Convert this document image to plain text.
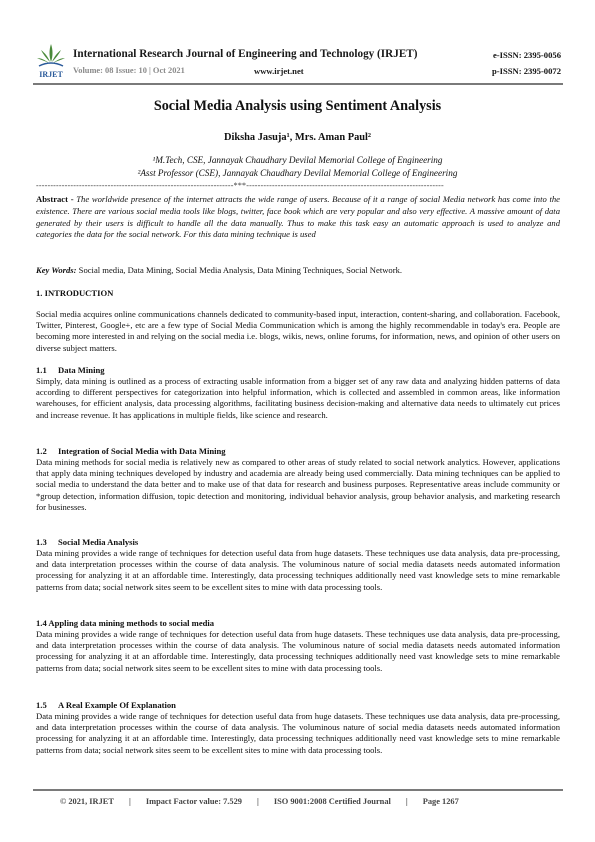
IRJET
International Research Journal of Engineering and Technology (IRJET)
Volume: 08 Issue: 10 | Oct 2021	www.irjet.net
e-ISSN: 2395-0056
p-ISSN: 2395-0072
Social Media Analysis using Sentiment Analysis
Diksha Jasuja¹, Mrs. Aman Paul²
¹M.Tech, CSE, Jannayak Chaudhary Devilal Memorial College of Engineering
²Asst Professor (CSE), Jannayak Chaudhary Devilal Memorial College of Engineering
---------------------------------------------------------------------***---------------------------------------------------------------------
Abstract - The worldwide presence of the internet attracts the wide range of users. Because of it a range of social Media network has come into the existence. There are various social media tools like blogs, twitter, face book which are very popular and also very effective. A massive amount of data generated by their users is difficult to handle all the data manually. Thus to make this task easy an automatic approach is used to analyze and categories the data for the social network. For this data mining technique is used
Key Words: Social media, Data Mining, Social Media Analysis, Data Mining Techniques, Social Network.
1. INTRODUCTION
Social media acquires online communications channels dedicated to community-based input, interaction, content-sharing, and collaboration. Facebook, Twitter, Pinterest, Google+, etc are a few type of Social Media Communication which is among the highly recommendable in today's era. People are becoming more interested in and relying on the social media i.e. blogs, wikis, news, online forums, for information, news, and opinion of other users on diverse subject matters.
1.1 Data Mining
Simply, data mining is outlined as a process of extracting usable information from a bigger set of any raw data and analyzing hidden patterns of data according to different perspectives for categorization into helpful information, which is collected and assembled in common areas, like information warehouses, for efficient analysis, data processing algorithms, facilitating business decision-making and alternative data needs to ultimately cut prices and increase revenue. It has applications in multiple fields, like science and research.
1.2 Integration of Social Media with Data Mining
Data mining methods for social media is relatively new as compared to other areas of study related to social network analytics. However, applications that apply data mining techniques developed by industry and academia are already being used commercially. Data mining techniques can be applied to social media to understand the data better and to make use of that data for research and business purposes. Representative areas include community or *group detection, information diffusion, topic detection and monitoring, individual behavior analysis, group behavior analysis, and marketing research for businesses.
1.3 Social Media Analysis
Data mining provides a wide range of techniques for detection useful data from huge datasets. These techniques use data analysis, data pre-processing, and data interpretation processes within the course of data analysis. The voluminous nature of social media datasets needs automated information processing for analyzing it at an affordable time. Interestingly, data processing techniques additionally need vast knowledge sets to mine remarkable patterns from data; social network sites seem to be excellent sites to mine with data processing tools.
1.4 Appling data mining methods to social media
Data mining provides a wide range of techniques for detection useful data from huge datasets. These techniques use data analysis, data pre-processing, and data interpretation processes within the course of data analysis. The voluminous nature of social media datasets needs automated information processing for analyzing it at an affordable time. Interestingly, data processing techniques additionally need vast knowledge sets to mine remarkable patterns from data; social network sites seem to be excellent sites to mine with data processing tools.
1.5 A Real Example Of Explanation
Data mining provides a wide range of techniques for detection useful data from huge datasets. These techniques use data analysis, data pre-processing, and data interpretation processes within the course of data analysis. The voluminous nature of social media datasets needs automated information processing for analyzing it at an affordable time. Interestingly, data processing techniques additionally need vast knowledge sets to mine remarkable patterns from data; social network sites seem to be excellent sites to mine with data processing tools.
© 2021, IRJET	|	Impact Factor value: 7.529	|	ISO 9001:2008 Certified Journal	|	Page 1267
